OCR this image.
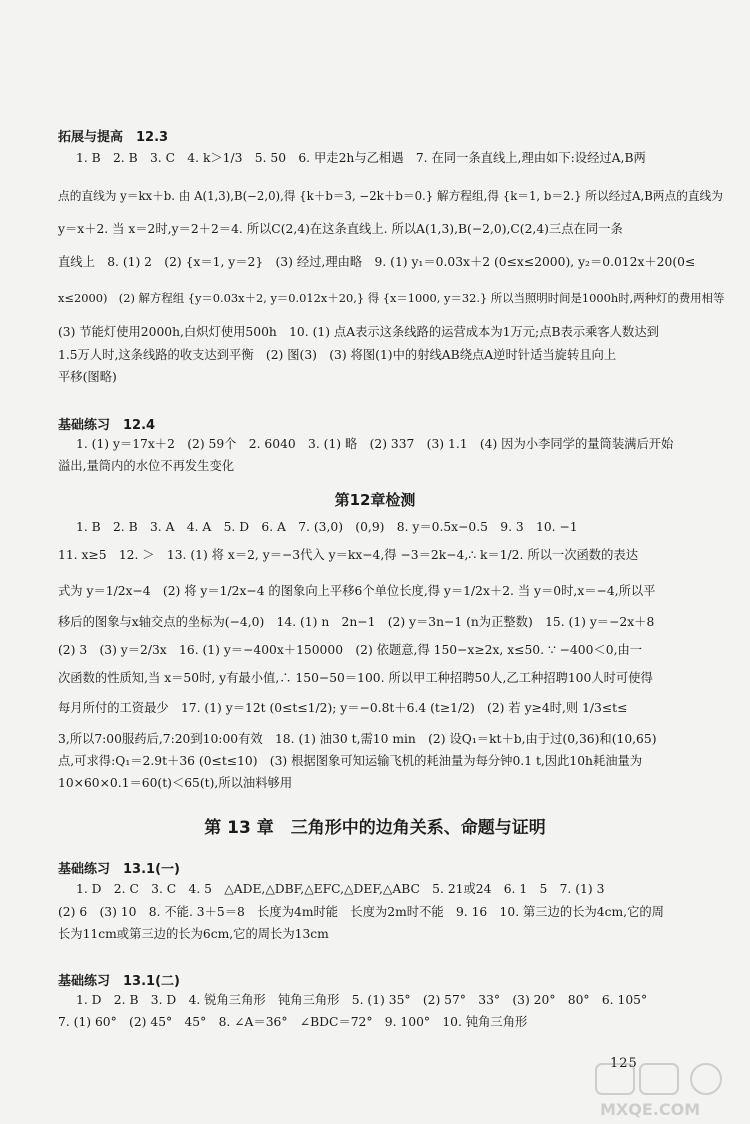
拓展与提高　12.3
1. B　2. B　3. C　4. k＞1/3　5. 50　6. 甲走2h与乙相遇　7. 在同一条直线上,理由如下:设经过A,B两
点的直线为 y＝kx＋b. 由 A(1,3),B(−2,0),得 {k＋b＝3, −2k＋b＝0.} 解方程组,得 {k＝1, b＝2.} 所以经过A,B两点的直线为
y＝x＋2. 当 x＝2时,y＝2＋2＝4. 所以C(2,4)在这条直线上. 所以A(1,3),B(−2,0),C(2,4)三点在同一条
直线上　8. (1) 2　(2) {x＝1, y＝2}　(3) 经过,理由略　9. (1) y₁＝0.03x＋2 (0≤x≤2000), y₂＝0.012x＋20(0≤
x≤2000)　(2) 解方程组 {y＝0.03x＋2, y＝0.012x＋20,} 得 {x＝1000, y＝32.} 所以当照明时间是1000h时,两种灯的费用相等
(3) 节能灯使用2000h,白炽灯使用500h　10. (1) 点A表示这条线路的运营成本为1万元;点B表示乘客人数达到
1.5万人时,这条线路的收支达到平衡　(2) 图(3)　(3) 将图(1)中的射线AB绕点A逆时针适当旋转且向上
平移(图略)
基础练习　12.4
1. (1) y＝17x＋2　(2) 59个　2. 6040　3. (1) 略　(2) 337　(3) 1.1　(4) 因为小李同学的量筒装满后开始
溢出,量筒内的水位不再发生变化
第12章检测
1. B　2. B　3. A　4. A　5. D　6. A　7. (3,0)　(0,9)　8. y＝0.5x−0.5　9. 3　10. −1
11. x≥5　12. ＞　13. (1) 将 x＝2, y＝−3代入 y＝kx−4,得 −3＝2k−4,∴ k＝1/2. 所以一次函数的表达
式为 y＝1/2x−4　(2) 将 y＝1/2x−4 的图象向上平移6个单位长度,得 y＝1/2x＋2. 当 y＝0时,x＝−4,所以平
移后的图象与x轴交点的坐标为(−4,0)　14. (1) n　2n−1　(2) y＝3n−1 (n为正整数)　15. (1) y＝−2x＋8
(2) 3　(3) y＝2/3x　16. (1) y＝−400x＋150000　(2) 依题意,得 150−x≥2x, x≤50. ∵ −400＜0,由一
次函数的性质知,当 x＝50时, y有最小值,∴ 150−50＝100. 所以甲工种招聘50人,乙工种招聘100人时可使得
每月所付的工资最少　17. (1) y＝12t (0≤t≤1/2); y＝−0.8t＋6.4 (t≥1/2)　(2) 若 y≥4时,则 1/3≤t≤
3,所以7:00服药后,7:20到10:00有效　18. (1) 油30 t,需10 min　(2) 设Q₁＝kt＋b,由于过(0,36)和(10,65)
点,可求得:Q₁＝2.9t＋36 (0≤t≤10)　(3) 根据图象可知运输飞机的耗油量为每分钟0.1 t,因此10h耗油量为
10×60×0.1＝60(t)＜65(t),所以油料够用
第 13 章　三角形中的边角关系、命题与证明
基础练习　13.1(一)
1. D　2. C　3. C　4. 5　△ADE,△DBF,△EFC,△DEF,△ABC　5. 21或24　6. 1　5　7. (1) 3
(2) 6　(3) 10　8. 不能. 3＋5＝8　长度为4m时能　长度为2m时不能　9. 16　10. 第三边的长为4cm,它的周
长为11cm或第三边的长为6cm,它的周长为13cm
基础练习　13.1(二)
1. D　2. B　3. D　4. 锐角三角形　钝角三角形　5. (1) 35°　(2) 57°　33°　(3) 20°　80°　6. 105°
7. (1) 60°　(2) 45°　45°　8. ∠A＝36°　∠BDC＝72°　9. 100°　10. 钝角三角形
125
MXQE.COM
